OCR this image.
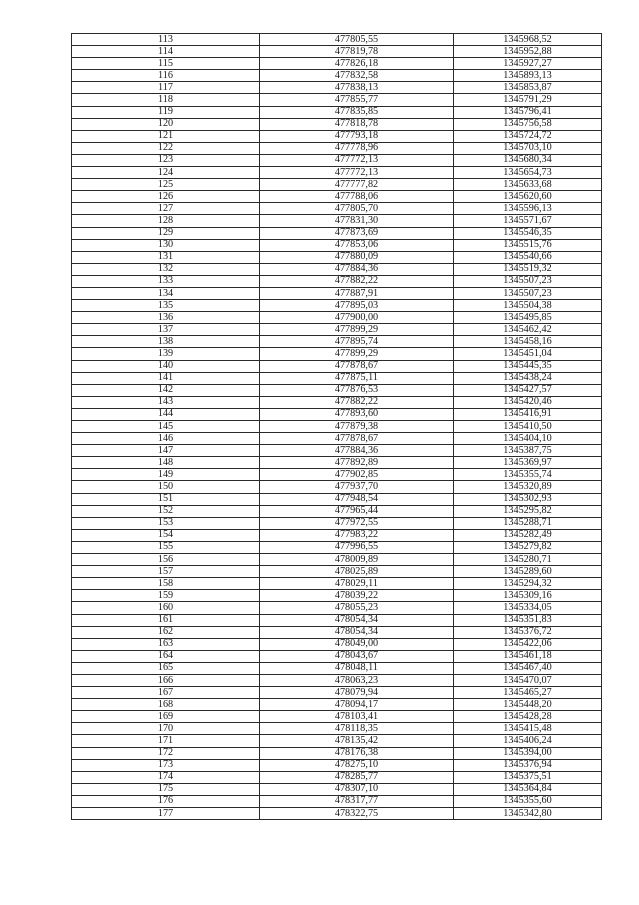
113	477805,55	1345968,52
114	477819,78	1345952,88
115	477826,18	1345927,27
116	477832,58	1345893,13
117	477838,13	1345853,87
118	477855,77	1345791,29
119	477835,85	1345796,41
120	477818,78	1345756,58
121	477793,18	1345724,72
122	477778,96	1345703,10
123	477772,13	1345680,34
124	477772,13	1345654,73
125	477777,82	1345633,68
126	477788,06	1345620,60
127	477805,70	1345596,13
128	477831,30	1345571,67
129	477873,69	1345546,35
130	477853,06	1345515,76
131	477880,09	1345540,66
132	477884,36	1345519,32
133	477882,22	1345507,23
134	477887,91	1345507,23
135	477895,03	1345504,38
136	477900,00	1345495,85
137	477899,29	1345462,42
138	477895,74	1345458,16
139	477899,29	1345451,04
140	477878,67	1345445,35
141	477875,11	1345438,24
142	477876,53	1345427,57
143	477882,22	1345420,46
144	477893,60	1345416,91
145	477879,38	1345410,50
146	477878,67	1345404,10
147	477884,36	1345387,75
148	477892,89	1345369,97
149	477902,85	1345355,74
150	477937,70	1345320,89
151	477948,54	1345302,93
152	477965,44	1345295,82
153	477972,55	1345288,71
154	477983,22	1345282,49
155	477996,55	1345279,82
156	478009,89	1345280,71
157	478025,89	1345289,60
158	478029,11	1345294,32
159	478039,22	1345309,16
160	478055,23	1345334,05
161	478054,34	1345351,83
162	478054,34	1345376,72
163	478049,00	1345422,06
164	478043,67	1345461,18
165	478048,11	1345467,40
166	478063,23	1345470,07
167	478079,94	1345465,27
168	478094,17	1345448,20
169	478103,41	1345428,28
170	478118,35	1345415,48
171	478135,42	1345406,24
172	478176,38	1345394,00
173	478275,10	1345376,94
174	478285,77	1345375,51
175	478307,10	1345364,84
176	478317,77	1345355,60
177	478322,75	1345342,80
